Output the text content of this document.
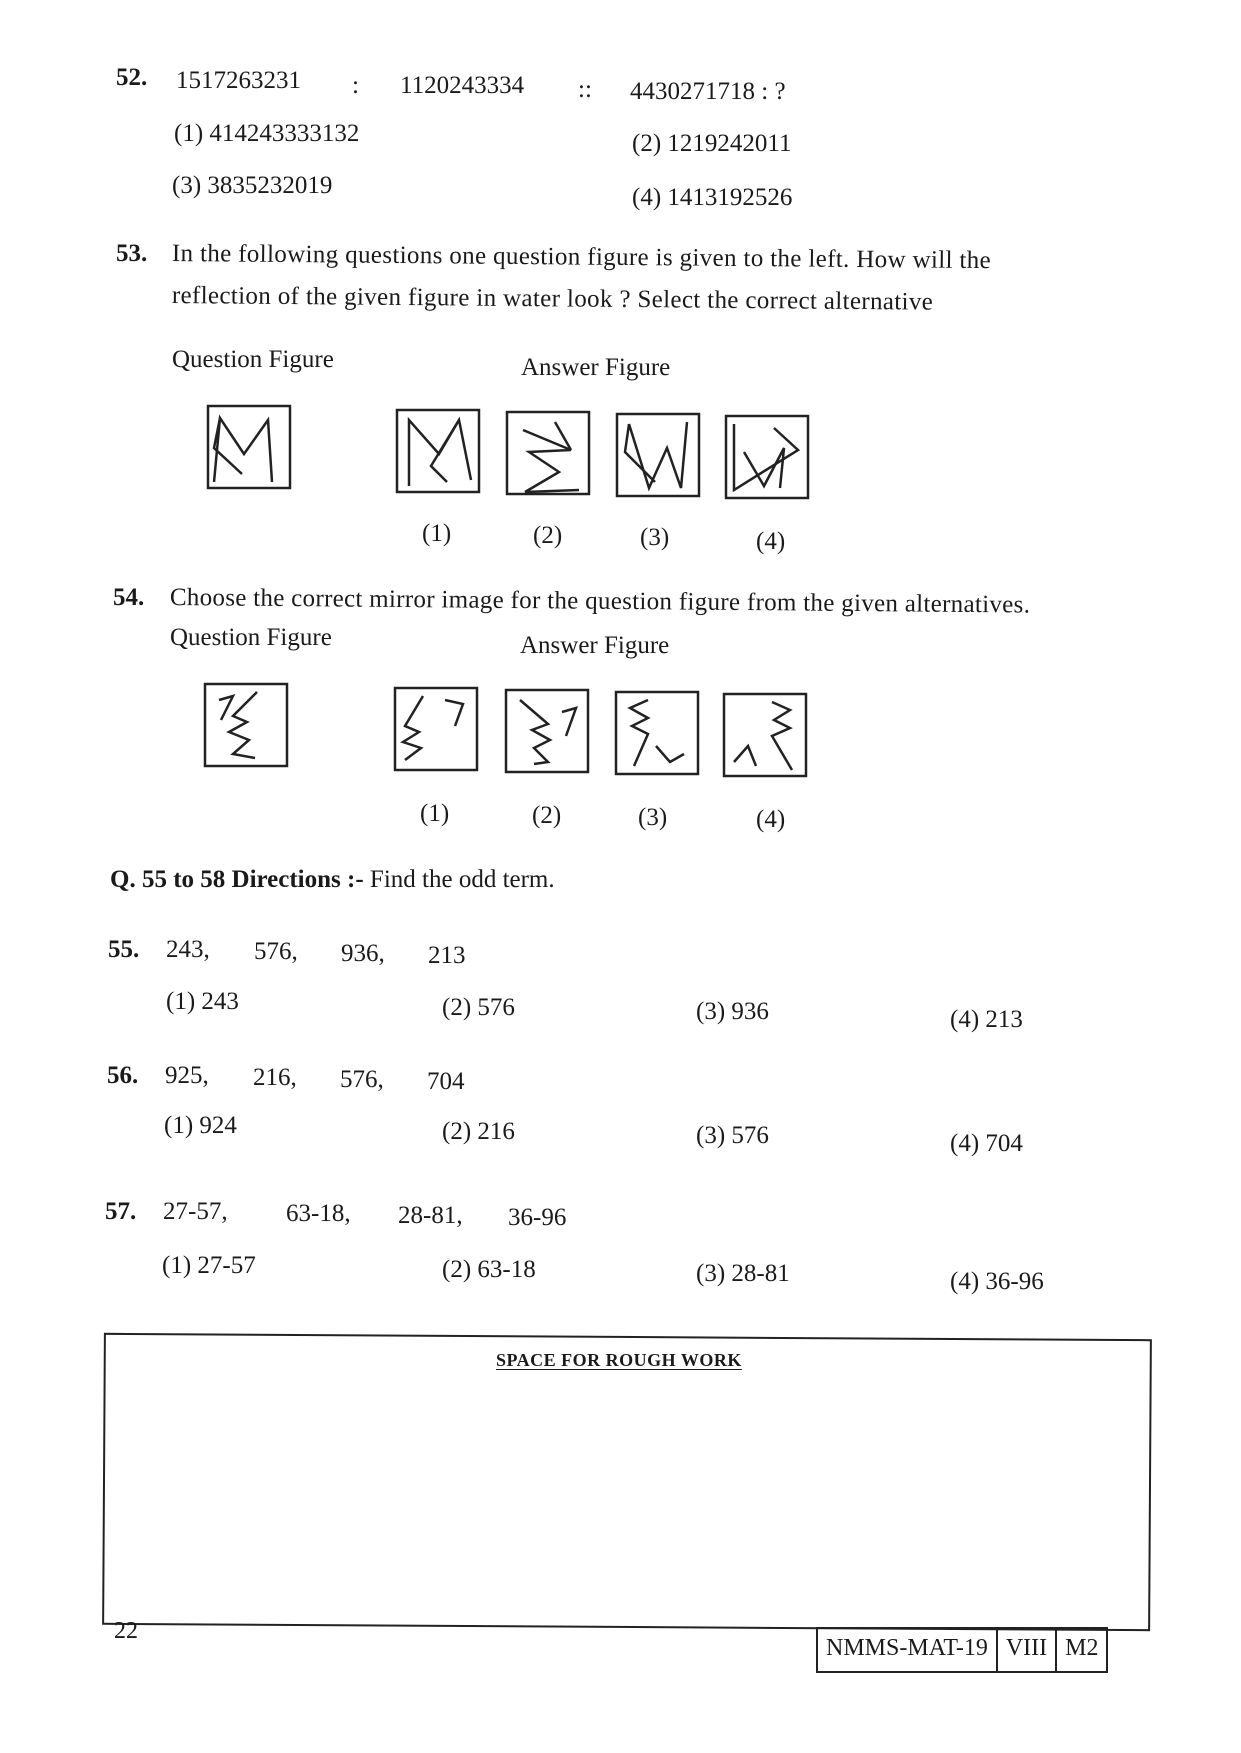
52. 1517263231 : 1120243334 :: 4430271718 : ?
(1) 414243333132	(2) 1219242011
(3) 3835232019	(4) 1413192526
53. In the following questions one question figure is given to the left. How will the
reflection of the given figure in water look ? Select the correct alternative
Question Figure	Answer Figure
(1)	(2)	(3)	(4)
54. Choose the correct mirror image for the question figure from the given alternatives.
Question Figure	Answer Figure
(1)	(2)	(3)	(4)
Q. 55 to 58 Directions :- Find the odd term.
55. 243, 576, 936, 213
(1) 243	(2) 576	(3) 936	(4) 213
56. 925, 216, 576, 704
(1) 924	(2) 216	(3) 576	(4) 704
57. 27-57, 63-18, 28-81, 36-96
(1) 27-57	(2) 63-18	(3) 28-81	(4) 36-96
SPACE FOR ROUGH WORK
22
NMMS-MAT-19 VIII M2
